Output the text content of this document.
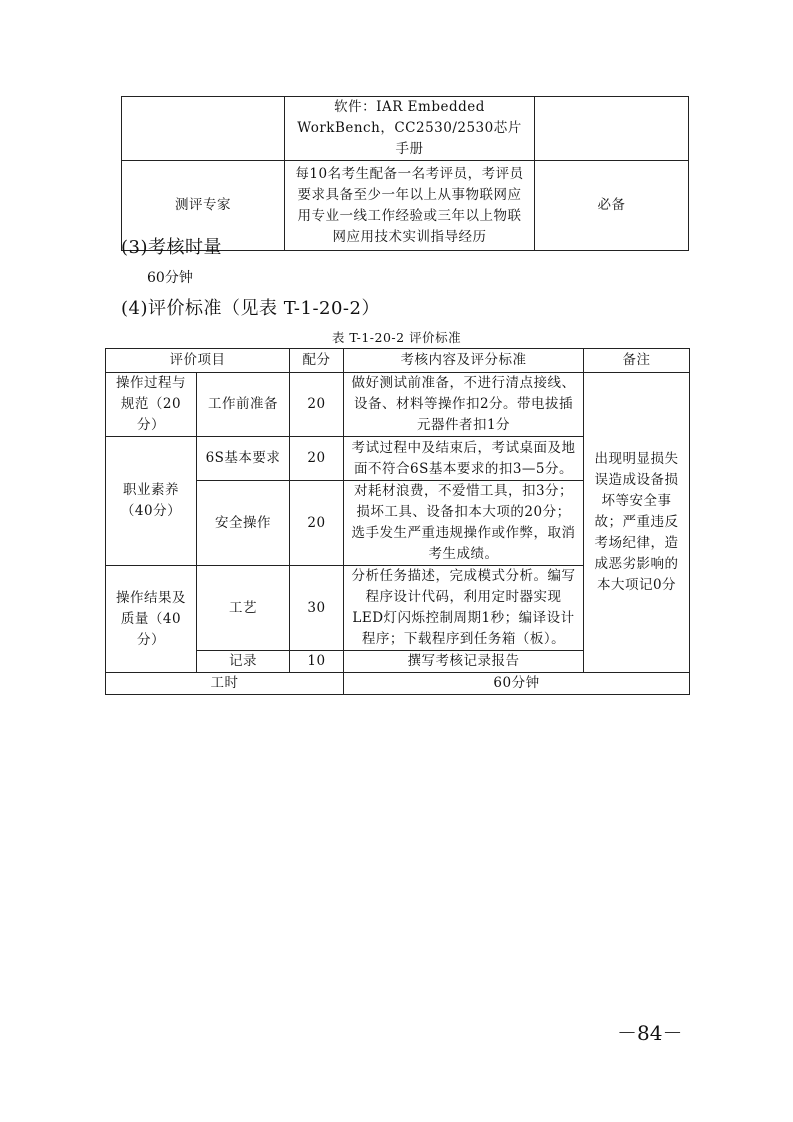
	软件：IAR Embedded WorkBench，CC2530/2530芯片手册	
测评专家	每10名考生配备一名考评员，考评员要求具备至少一年以上从事物联网应用专业一线工作经验或三年以上物联网应用技术实训指导经历	必备
(3)考核时量
60分钟
(4)评价标准（见表 T-1-20-2）
表 T-1-20-2 评价标准
评价项目		配分	考核内容及评分标准	备注
操作过程与规范（20分）	工作前准备	20	做好测试前准备，不进行清点接线、设备、材料等操作扣2分。带电拔插元器件者扣1分	出现明显损失误造成设备损坏等安全事故；严重违反考场纪律，造成恶劣影响的本大项记0分
职业素养（40分）	6S基本要求	20	考试过程中及结束后，考试桌面及地面不符合6S基本要求的扣3—5分。	
	安全操作	20	对耗材浪费，不爱惜工具，扣3分；损坏工具、设备扣本大项的20分；选手发生严重违规操作或作弊，取消考生成绩。	
操作结果及质量（40分）	工艺	30	分析任务描述，完成模式分析。编写程序设计代码，利用定时器实现LED灯闪烁控制周期1秒；编译设计程序；下载程序到任务箱（板）。	
	记录	10	撰写考核记录报告	
工时			60分钟	
－84－
